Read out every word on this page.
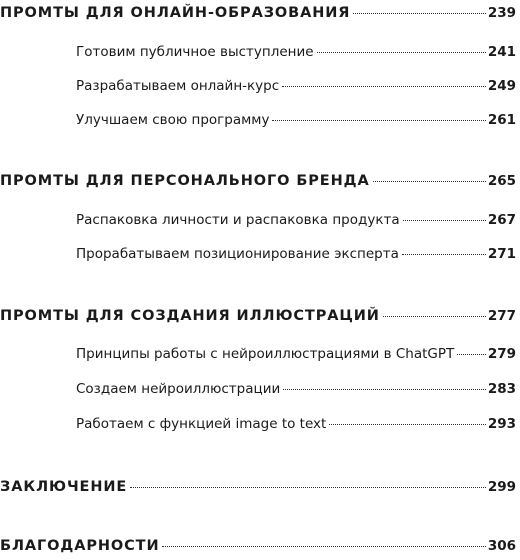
ПРОМТЫ ДЛЯ ОНЛАЙН-ОБРАЗОВАНИЯ	239
Готовим публичное выступление	241
Разрабатываем онлайн-курс	249
Улучшаем свою программу	261
ПРОМТЫ ДЛЯ ПЕРСОНАЛЬНОГО БРЕНДА	265
Распаковка личности и распаковка продукта	267
Прорабатываем позиционирование эксперта	271
ПРОМТЫ ДЛЯ СОЗДАНИЯ ИЛЛЮСТРАЦИЙ	277
Принципы работы с нейроиллюстрациями в ChatGPT 279
Создаем нейроиллюстрации	283
Работаем с функцией image to text	293
ЗАКЛЮЧЕНИЕ	299
БЛАГОДАРНОСТИ	306
